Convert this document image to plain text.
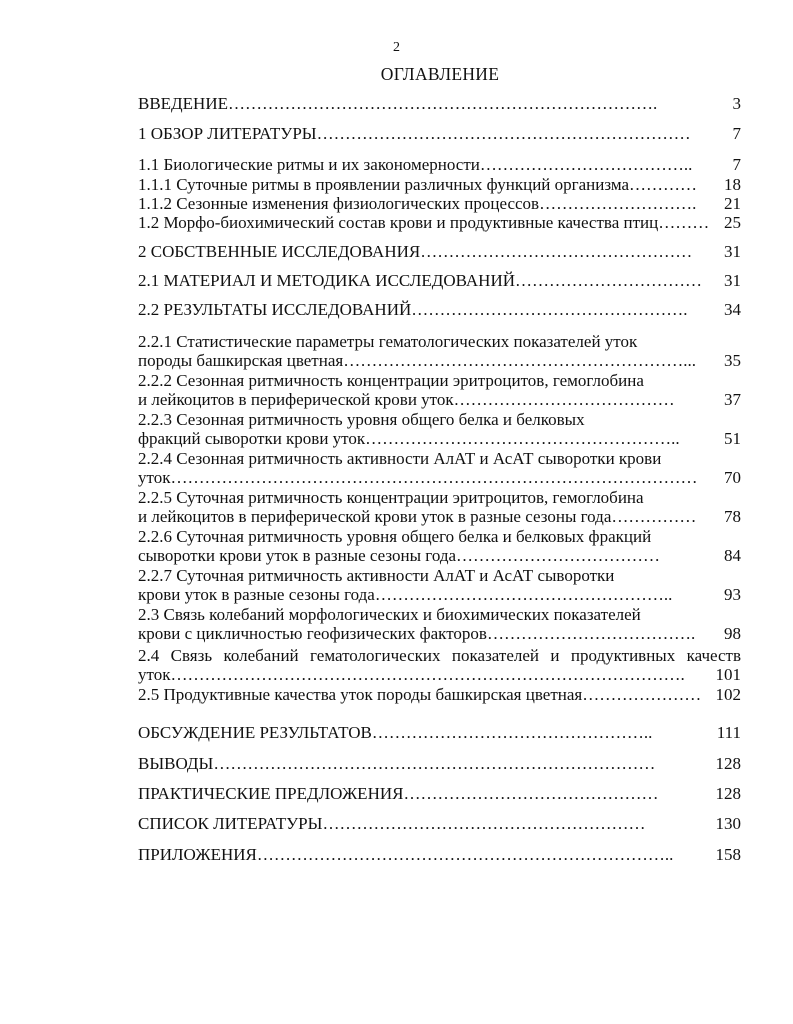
2
ОГЛАВЛЕНИЕ
ВВЕДЕНИЕ………………………………………………………………….	3
1 ОБЗОР ЛИТЕРАТУРЫ………………………………………………………… 7
1.1 Биологические ритмы и их закономерности……………………………….. 7
1.1.1 Суточные ритмы в проявлении различных функций организма………… 18
1.1.2 Сезонные изменения физиологических процессов………………………. 21
1.2 Морфо-биохимический состав крови и продуктивные качества птиц……… 25
2 СОБСТВЕННЫЕ ИССЛЕДОВАНИЯ………………………………………… 31
2.1 МАТЕРИАЛ И МЕТОДИКА ИССЛЕДОВАНИЙ…………………………… 31
2.2 РЕЗУЛЬТАТЫ ИССЛЕДОВАНИЙ…………………………………………. 34
2.2.1 Статистические параметры гематологических показателей уток
породы башкирская цветная……………………………………………………... 35
2.2.2 Сезонная ритмичность концентрации эритроцитов, гемоглобина
и лейкоцитов в периферической крови уток…………………………………	37
2.2.3 Сезонная ритмичность уровня общего белка и белковых
фракций сыворотки крови уток………………………………………………..	51
2.2.4 Сезонная ритмичность активности АлАТ и АсАТ сыворотки крови
уток………………………………………………………………………………… 70
2.2.5 Суточная ритмичность концентрации эритроцитов, гемоглобина
и лейкоцитов в периферической крови уток в разные сезоны года…………… 78
2.2.6 Суточная ритмичность уровня общего белка и белковых фракций
сыворотки крови уток в разные сезоны года………………………………	84
2.2.7 Суточная ритмичность активности АлАТ и АсАТ сыворотки
крови уток в разные сезоны года……………………………………………..	93
2.3 Связь колебаний морфологических и биохимических показателей
крови с цикличностью геофизических факторов………………………………. 98
2.4 Связь колебаний гематологических показателей и продуктивных качеств
уток………………………………………………………………………………. 101
2.5 Продуктивные качества уток породы башкирская цветная………………… 102
ОБСУЖДЕНИЕ РЕЗУЛЬТАТОВ…………………………………………..	111
ВЫВОДЫ……………………………………………………………………	128
ПРАКТИЧЕСКИЕ ПРЕДЛОЖЕНИЯ………………………………………	128
СПИСОК ЛИТЕРАТУРЫ…………………………………………………	130
ПРИЛОЖЕНИЯ……………………………………………………………….. 158
